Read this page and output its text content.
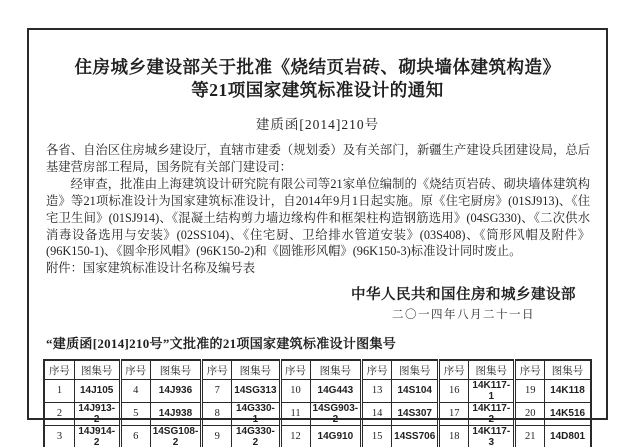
住房城乡建设部关于批准《烧结页岩砖、砌块墙体建筑构造》
等21项国家建筑标准设计的通知
建质函[2014]210号

各省、自治区住房城乡建设厅，直辖市建委（规划委）及有关部门，新疆生产建设兵团建设局，总后基建营房部工程局，国务院有关部门建设司：

经审查，批准由上海建筑设计研究院有限公司等21家单位编制的《烧结页岩砖、砌块墙体建筑构造》等21项标准设计为国家建筑标准设计，自2014年9月1日起实施。原《住宅厨房》(01SJ913)、《住宅卫生间》(01SJ914)、《混凝土结构剪力墙边缘构件和框架柱构造钢筋选用》(04SG330)、《二次供水消毒设备选用与安装》(02SS104)、《住宅厨、卫给排水管道安装》(03S408)、《筒形风帽及附件》(96K150-1)、《圆伞形风帽》(96K150-2)和《圆锥形风帽》(96K150-3)标准设计同时废止。

附件：国家建筑标准设计名称及编号表

中华人民共和国住房和城乡建设部
二〇一四年八月二十一日
“建质函[2014]210号”文批准的21项国家建筑标准设计图集号
序号	图集号	序号	图集号	序号	图集号	序号	图集号	序号	图集号	序号	图集号	序号	图集号
1	14J105	4	14J936	7	14SG313	10	14G443	13	14S104	16	14K117-1	19	14K118
2	14J913-2	5	14J938	8	14G330-1	11	14SG903-2	14	14S307	17	14K117-2	20	14K516
3	14J914-2	6	14SG108-2	9	14G330-2	12	14G910	15	14SS706	18	14K117-3	21	14D801
